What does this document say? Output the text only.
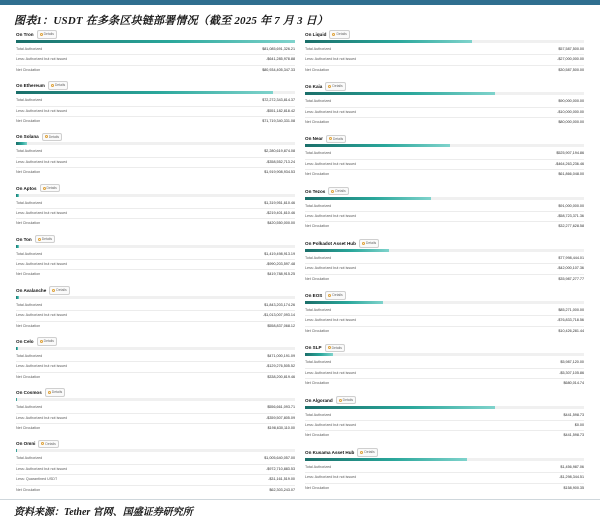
图表1：USDT 在多条区块链部署情况（截至 2025 年 7 月 3 日）
On Tron	Details
Total Authorized	$81,085,691,326.21
Less: Authorized but not issued	-$641,285,978.88
Net Circulation	$80,934,405,347.33
On Ethereum	Details
Total Authorized	$72,272,343,814.37
Less: Authorized but not issued	-$551,182,818.42
Net Circulation	$71,719,340,331.08
On Solana	Details
Total Authorized	$2,280,619,874.08
Less: Authorized but not issued	-$358,552,713.24
Net Circulation	$1,919,908,934.53
On Aptos	Details
Total Authorized	$1,319,951,610.46
Less: Authorized but not issued	-$219,401,610.46
Net Circulation	$420,550,000.00
On Ton	Details
Total Authorized	$1,419,498,913.19
Less: Authorized but not issued	-$990,203,597.48
Net Circulation	$419,788,915.25
On Avalanche	Details
Total Authorized	$1,843,203,174.26
Less: Authorized but not issued	-$1,013,007,093.14
Net Circulation	$558,837,068.12
On Celo	Details
Total Authorized	$471,000,191.09
Less: Authorized but not issued	-$129,276,505.52
Net Circulation	$338,200,819.46
On Cosmos	Details
Total Authorized	$556,661,093.71
Less: Authorized but not issued	-$359,507,805.09
Net Circulation	$198,630,110.00
On Omni	Details
Total Authorized	$1,005,640,057.00
Less: Authorized but not issued	-$972,710,883.53
Less: Quarantined USDT	-$31,161,519.00
Net Circulation	$62,303,243.07
On Liquid	Details
Total Authorized	$57,587,500.00
Less: Authorized but not issued	-$27,000,000.00
Net Circulation	$30,587,500.00
On Kaia	Details
Total Authorized	$90,000,000.00
Less: Authorized but not issued	-$10,000,000.00
Net Circulation	$80,000,000.00
On Near	Details
Total Authorized	$525,907,194.86
Less: Authorized but not issued	-$464,263,236.46
Net Circulation	$61,866,048.00
On Tezos	Details
Total Authorized	$91,000,000.00
Less: Authorized but not issued	-$58,723,371.36
Net Circulation	$32,277,628.58
On Polkadot Asset Hub	Details
Total Authorized	$77,998,444.01
Less: Authorized but not issued	-$42,000,107.36
Net Circulation	$35,987,277.77
On EOS	Details
Total Authorized	$85,271,000.00
Less: Authorized but not issued	-$76,833,718.56
Net Circulation	$10,426,281.44
On SLP	Details
Total Authorized	$5,987,120.00
Less: Authorized but not issued	-$5,307,105.86
Net Circulation	$680,014.74
On Algorand	Details
Total Authorized	$441,598.73
Less: Authorized but not issued	$0.00
Net Circulation	$441,598.73
On Kusama Asset Hub	Details
Total Authorized	$1,456,987.06
Less: Authorized but not issued	-$1,298,344.51
Net Circulation	$158,900.35
资料来源：Tether 官网、国盛证券研究所
